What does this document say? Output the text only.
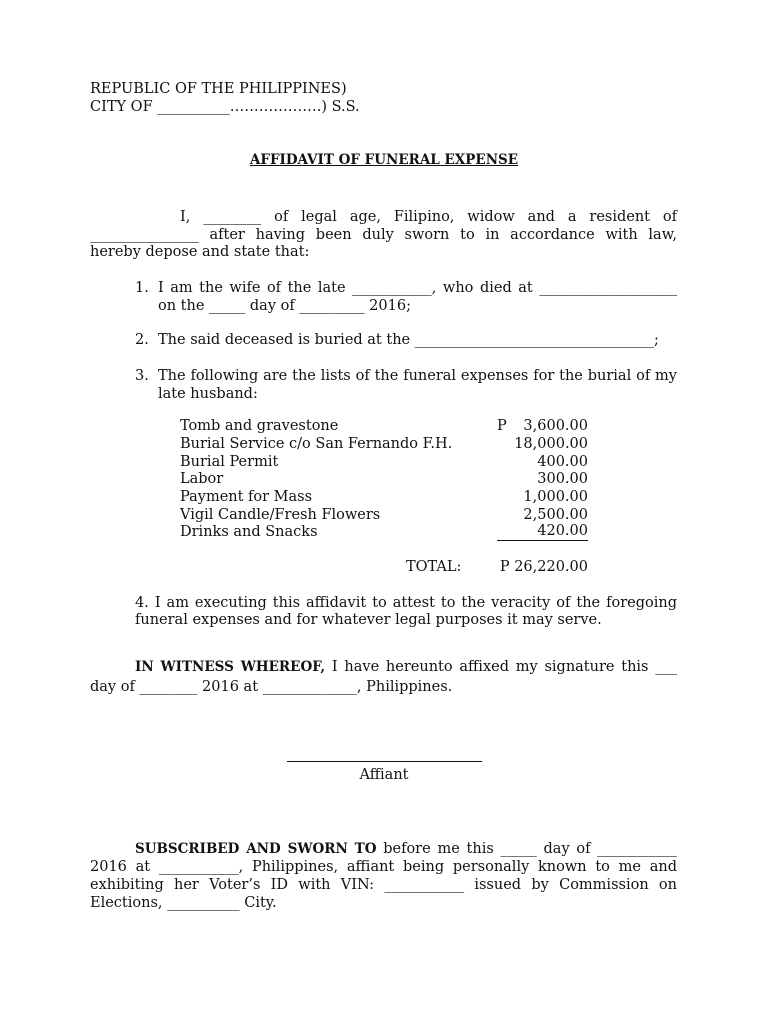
REPUBLIC OF THE PHILIPPINES)
CITY OF __________……………….) S.S.
AFFIDAVIT OF FUNERAL EXPENSE
I, ________ of legal age, Filipino, widow and a resident of
_______________ after having been duly sworn to in accordance with law,
hereby depose and state that:
1. I am the wife of the late ___________, who died at ___________________
on the _____ day of _________ 2016;
2. The said deceased is buried at the _________________________________;
3. The following are the lists of the funeral expenses for the burial of my
late husband:
Tomb and gravestone	P 3,600.00
Burial Service c/o San Fernando F.H.	18,000.00
Burial Permit	400.00
Labor	300.00
Payment for Mass	1,000.00
Vigil Candle/Fresh Flowers	2,500.00
Drinks and Snacks	420.00
TOTAL:	P 26,220.00
4. I am executing this affidavit to attest to the veracity of the foregoing
funeral expenses and for whatever legal purposes it may serve.
IN WITNESS WHEREOF, I have hereunto affixed my signature this ___
day of ________ 2016 at _____________, Philippines.
Affiant
SUBSCRIBED AND SWORN TO before me this _____ day of ___________
2016 at ___________, Philippines, affiant being personally known to me and
exhibiting her Voter’s ID with VIN: ___________ issued by Commission on
Elections, __________ City.
